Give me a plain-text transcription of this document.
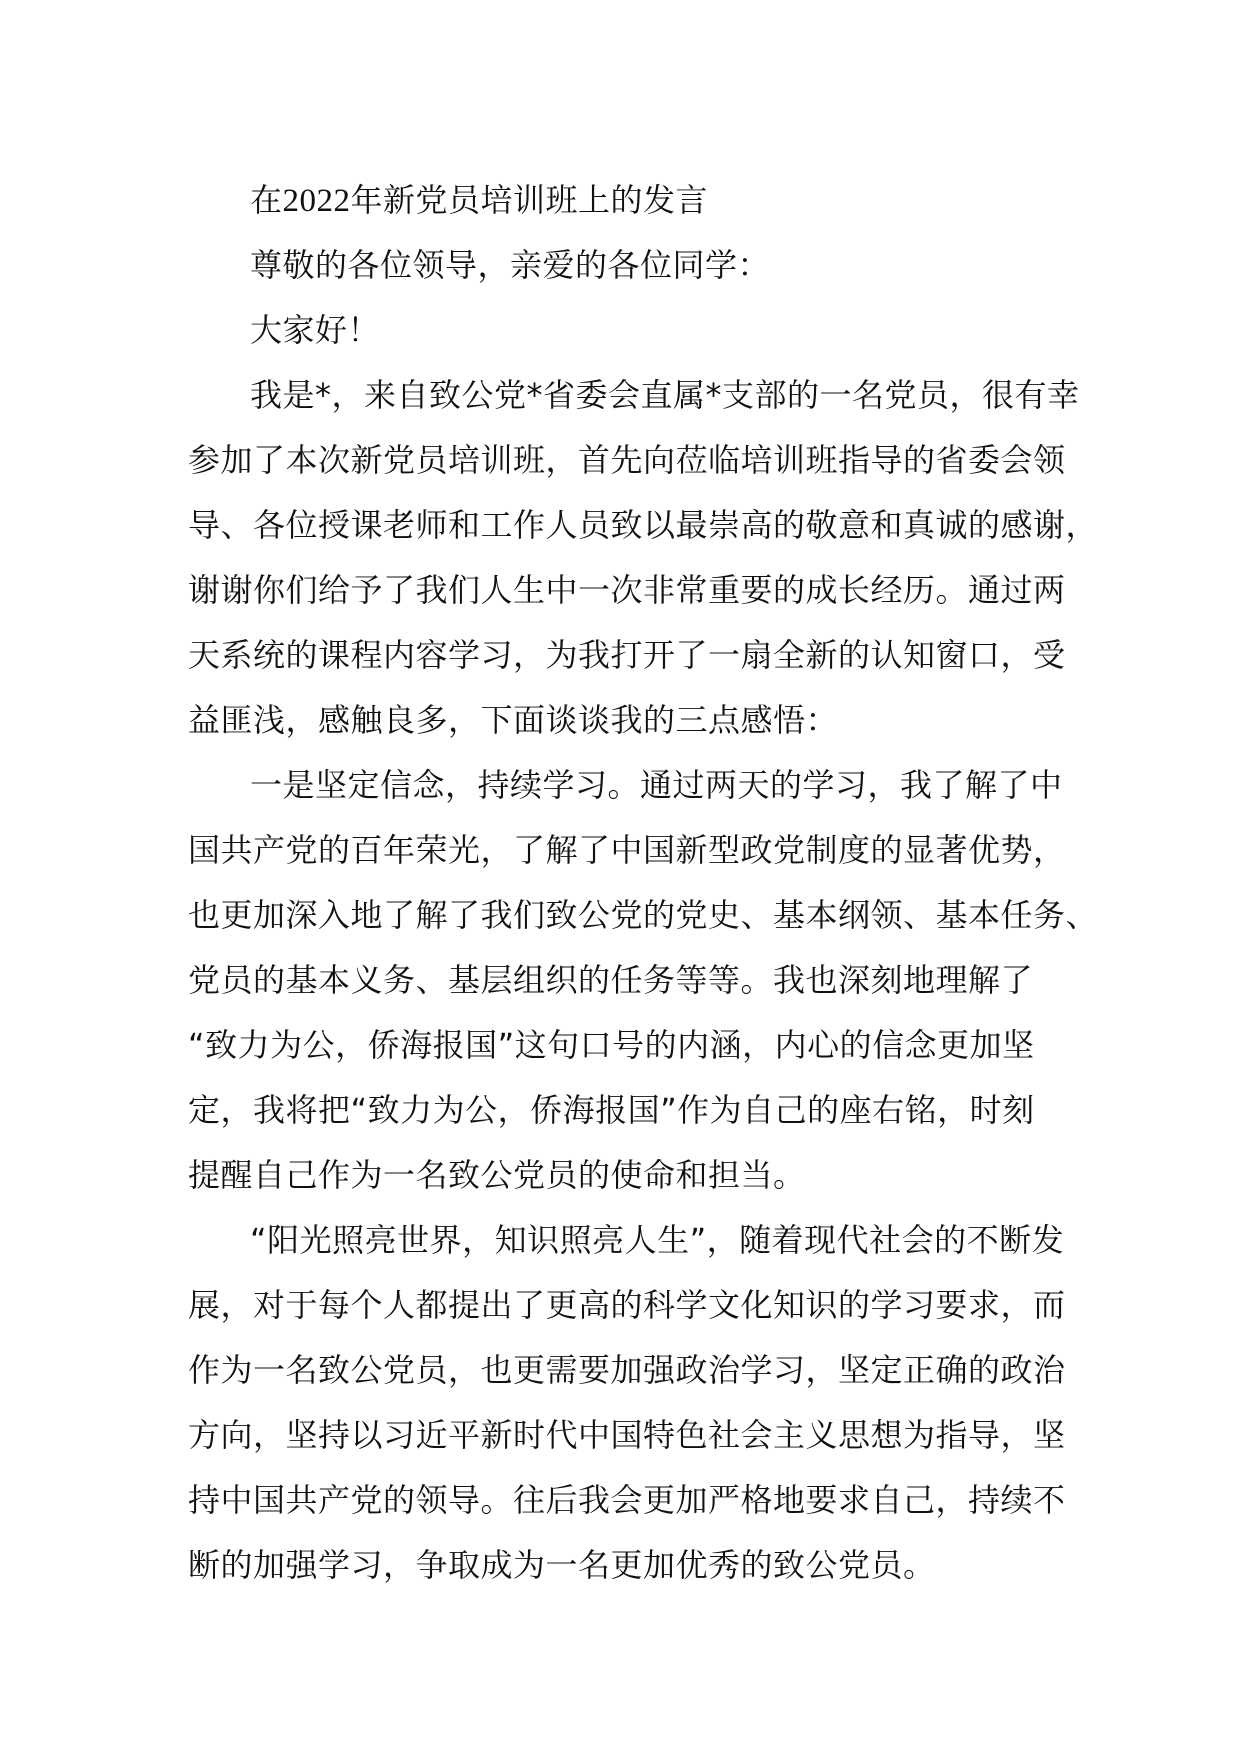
在2022年新党员培训班上的发言
尊敬的各位领导，亲爱的各位同学：
大家好！
我是*，来自致公党*省委会直属*支部的一名党员，很有幸
参加了本次新党员培训班，首先向莅临培训班指导的省委会领
导、各位授课老师和工作人员致以最崇高的敬意和真诚的感谢，
谢谢你们给予了我们人生中一次非常重要的成长经历。通过两
天系统的课程内容学习，为我打开了一扇全新的认知窗口，受
益匪浅，感触良多，下面谈谈我的三点感悟：
一是坚定信念，持续学习。通过两天的学习，我了解了中
国共产党的百年荣光，了解了中国新型政党制度的显著优势，
也更加深入地了解了我们致公党的党史、基本纲领、基本任务、
党员的基本义务、基层组织的任务等等。我也深刻地理解了
“致力为公，侨海报国”这句口号的内涵，内心的信念更加坚
定，我将把“致力为公，侨海报国”作为自己的座右铭，时刻
提醒自己作为一名致公党员的使命和担当。
“阳光照亮世界，知识照亮人生”，随着现代社会的不断发
展，对于每个人都提出了更高的科学文化知识的学习要求，而
作为一名致公党员，也更需要加强政治学习，坚定正确的政治
方向，坚持以习近平新时代中国特色社会主义思想为指导，坚
持中国共产党的领导。往后我会更加严格地要求自己，持续不
断的加强学习，争取成为一名更加优秀的致公党员。
